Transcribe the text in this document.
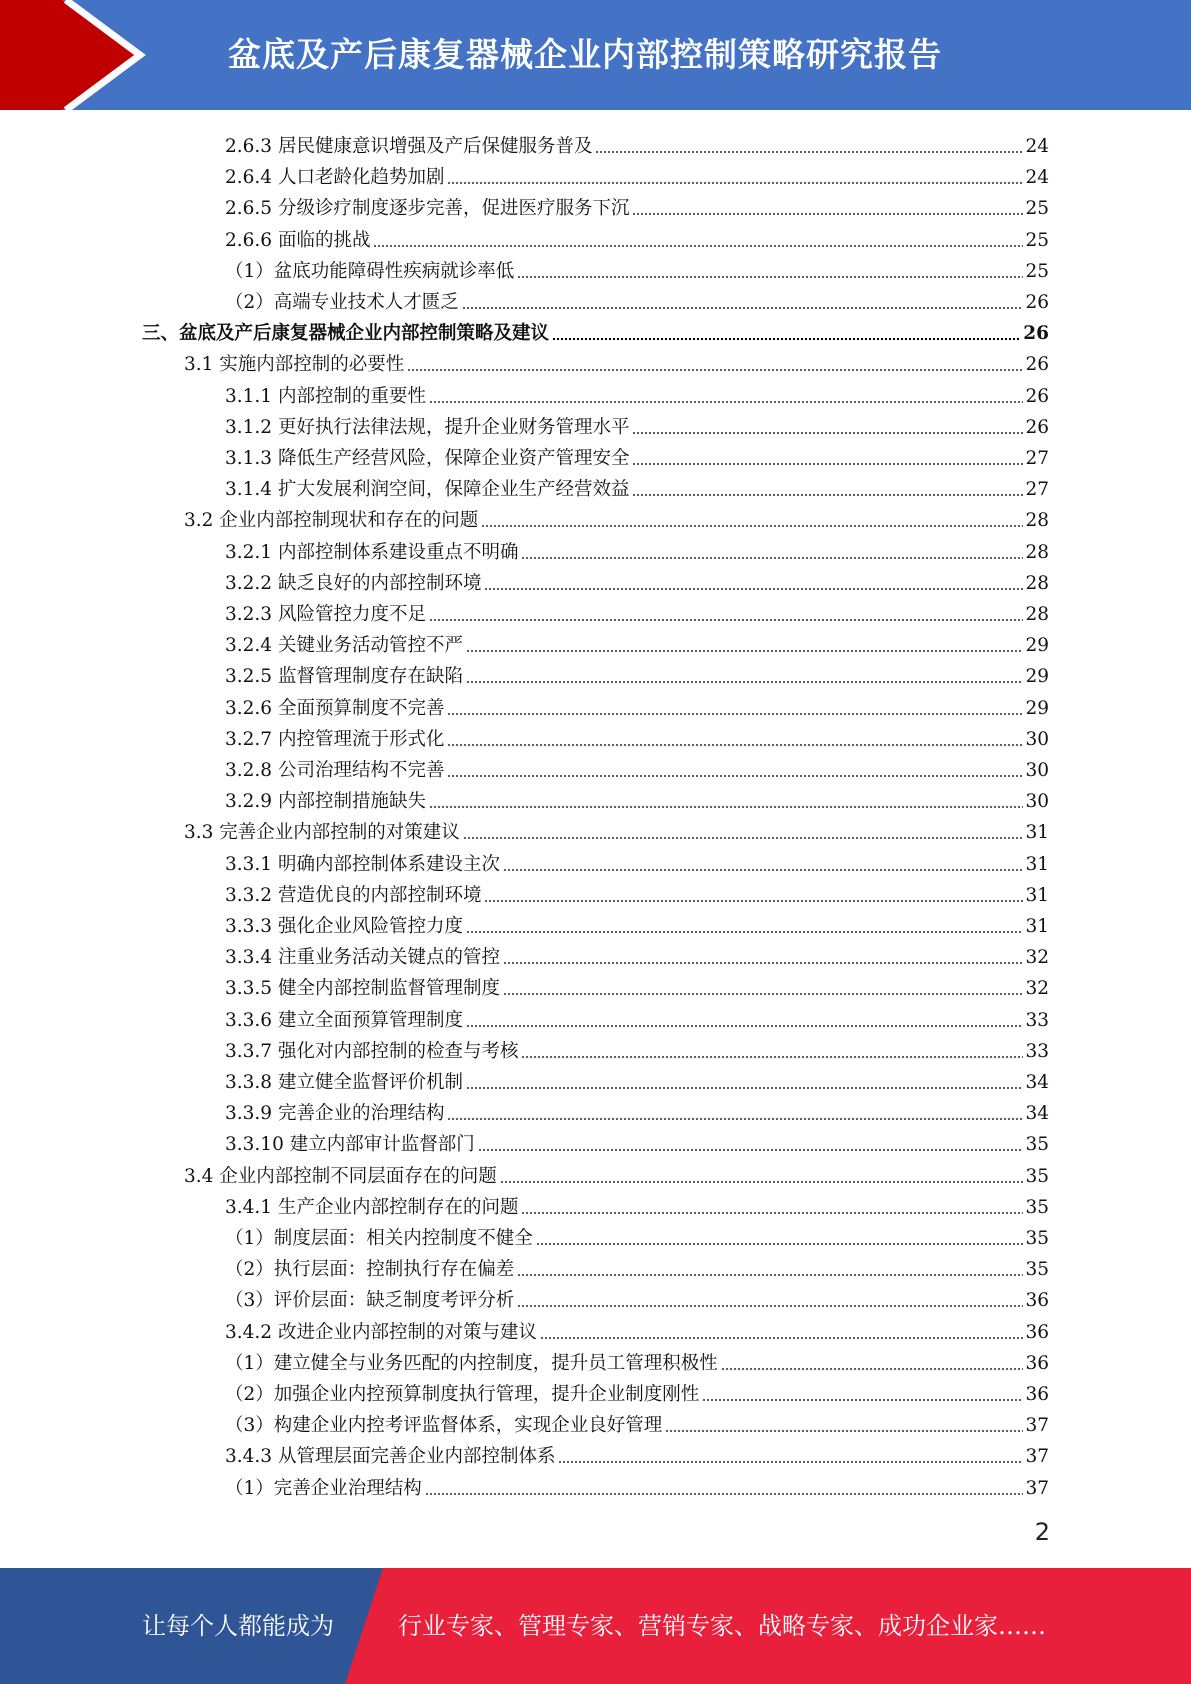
盆底及产后康复器械企业内部控制策略研究报告
2.6.3 居民健康意识增强及产后保健服务普及	24
2.6.4 人口老龄化趋势加剧	24
2.6.5 分级诊疗制度逐步完善，促进医疗服务下沉	25
2.6.6 面临的挑战	25
（1）盆底功能障碍性疾病就诊率低	25
（2）高端专业技术人才匮乏	26
三、盆底及产后康复器械企业内部控制策略及建议	26
3.1 实施内部控制的必要性	26
3.1.1 内部控制的重要性	26
3.1.2 更好执行法律法规，提升企业财务管理水平	26
3.1.3 降低生产经营风险，保障企业资产管理安全	27
3.1.4 扩大发展利润空间，保障企业生产经营效益	27
3.2 企业内部控制现状和存在的问题	28
3.2.1 内部控制体系建设重点不明确	28
3.2.2 缺乏良好的内部控制环境	28
3.2.3 风险管控力度不足	28
3.2.4 关键业务活动管控不严	29
3.2.5 监督管理制度存在缺陷	29
3.2.6 全面预算制度不完善	29
3.2.7 内控管理流于形式化	30
3.2.8 公司治理结构不完善	30
3.2.9 内部控制措施缺失	30
3.3 完善企业内部控制的对策建议	31
3.3.1 明确内部控制体系建设主次	31
3.3.2 营造优良的内部控制环境	31
3.3.3 强化企业风险管控力度	31
3.3.4 注重业务活动关键点的管控	32
3.3.5 健全内部控制监督管理制度	32
3.3.6 建立全面预算管理制度	33
3.3.7 强化对内部控制的检查与考核	33
3.3.8 建立健全监督评价机制	34
3.3.9 完善企业的治理结构	34
3.3.10 建立内部审计监督部门	35
3.4 企业内部控制不同层面存在的问题	35
3.4.1 生产企业内部控制存在的问题	35
（1）制度层面：相关内控制度不健全	35
（2）执行层面：控制执行存在偏差	35
（3）评价层面：缺乏制度考评分析	36
3.4.2 改进企业内部控制的对策与建议	36
（1）建立健全与业务匹配的内控制度，提升员工管理积极性	36
（2）加强企业内控预算制度执行管理，提升企业制度刚性	36
（3）构建企业内控考评监督体系，实现企业良好管理	37
3.4.3 从管理层面完善企业内部控制体系	37
（1）完善企业治理结构	37
2
让每个人都能成为	行业专家、管理专家、营销专家、战略专家、成功企业家……
